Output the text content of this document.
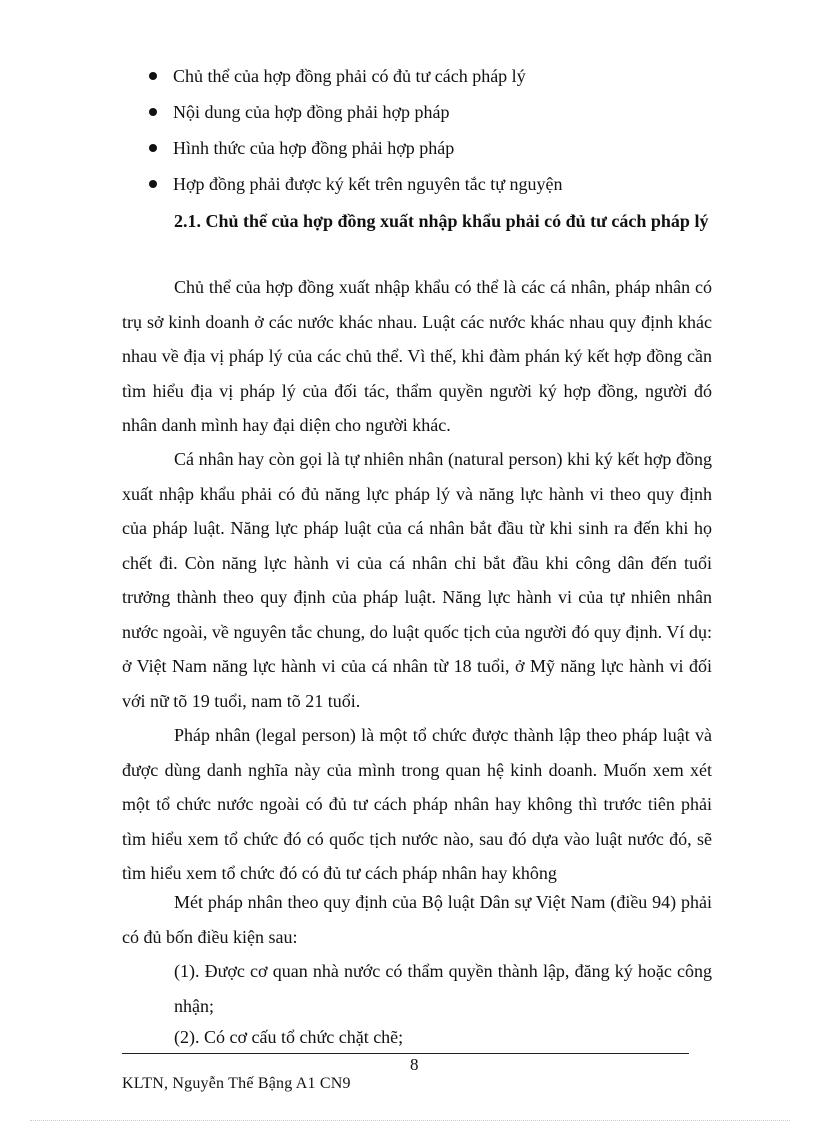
Chủ thể của hợp đồng phải có đủ tư cách pháp lý
Nội dung của hợp đồng phải hợp pháp
Hình thức của hợp đồng phải hợp pháp
Hợp đồng phải được ký kết trên nguyên tắc tự nguyện

2.1. Chủ thể của hợp đồng xuất nhập khẩu phải có đủ tư cách pháp lý

Chủ thể của hợp đồng xuất nhập khẩu có thể là các cá nhân, pháp nhân có trụ sở kinh doanh ở các nước khác nhau. Luật các nước khác nhau quy định khác nhau về địa vị pháp lý của các chủ thể. Vì thế, khi đàm phán ký kết hợp đồng cần tìm hiểu địa vị pháp lý của đối tác, thẩm quyền người ký hợp đồng, người đó nhân danh mình hay đại diện cho người khác.

Cá nhân hay còn gọi là tự nhiên nhân (natural person) khi ký kết hợp đồng xuất nhập khẩu phải có đủ năng lực pháp lý và năng lực hành vi theo quy định của pháp luật. Năng lực pháp luật của cá nhân bắt đầu từ khi sinh ra đến khi họ chết đi. Còn năng lực hành vi của cá nhân chỉ bắt đầu khi công dân đến tuổi trưởng thành theo quy định của pháp luật. Năng lực hành vi của tự nhiên nhân nước ngoài, về nguyên tắc chung, do luật quốc tịch của người đó quy định. Ví dụ: ở Việt Nam năng lực hành vi của cá nhân từ 18 tuổi, ở Mỹ năng lực hành vi đối với nữ tõ 19 tuổi, nam tõ 21 tuổi.

Pháp nhân (legal person) là một tổ chức được thành lập theo pháp luật và được dùng danh nghĩa này của mình trong quan hệ kinh doanh. Muốn xem xét một tổ chức nước ngoài có đủ tư cách pháp nhân hay không thì trước tiên phải tìm hiểu xem tổ chức đó có quốc tịch nước nào, sau đó dựa vào luật nước đó, sẽ tìm hiểu xem tổ chức đó có đủ tư cách pháp nhân hay không

Mét pháp nhân theo quy định của Bộ luật Dân sự Việt Nam (điều 94) phải có đủ bốn điều kiện sau:

(1). Được cơ quan nhà nước có thẩm quyền thành lập, đăng ký hoặc công nhận;

(2). Có cơ cấu tổ chức chặt chẽ;

8
KLTN, Nguyễn Thế Bậng A1 CN9
